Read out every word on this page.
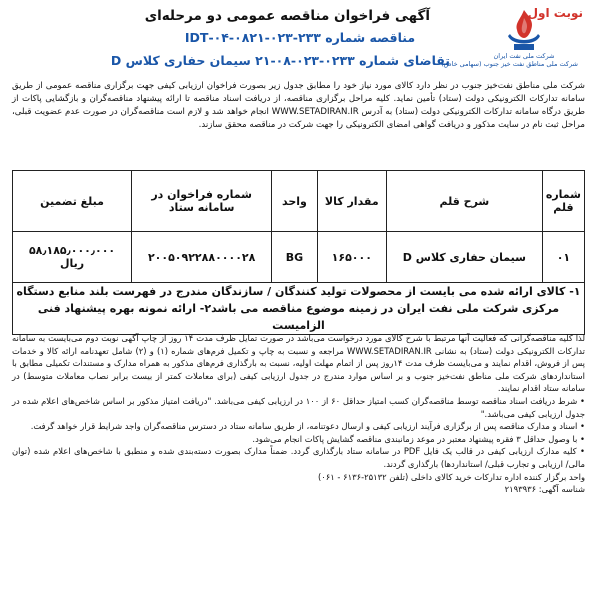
نوبت اول
شرکت ملی نفت ایران
شرکت ملی مناطق نفت خیز جنوب (سهامی خاص)
آگهی فراخوان مناقصه عمومی دو مرحله‌ای
مناقصه شماره ۲۳۳-۰۲۳-۰۸۲۱-۰۴-IDT
تقاضای شماره ۰۲۳۳-۰۲۳-۰۸-۲۱ سیمان حفاری کلاس D
شرکت ملی مناطق نفت‌خیز جنوب در نظر دارد کالای مورد نیاز خود را مطابق جدول زیر بصورت فراخوان ارزیابی کیفی جهت برگزاری مناقصه عمومی از طریق سامانه تدارکات الکترونیکی دولت (ستاد) تأمین نماید. کلیه مراحل برگزاری مناقصه، از دریافت اسناد مناقصه تا ارائه پیشنهاد مناقصه‌گران و بازگشایی پاکات از طریق درگاه سامانه تدارکات الکترونیکی دولت (ستاد) به آدرس WWW.SETADIRAN.IR انجام خواهد شد و لازم است مناقصه‌گران در صورت عدم عضویت قبلی، مراحل ثبت نام در سایت مذکور و دریافت گواهی امضای الکترونیکی را جهت شرکت در مناقصه محقق سازند.
شماره قلم	شرح قلم	مقدار کالا	واحد	شماره فراخوان در سامانه ستاد	مبلغ تضمین
۰۱	سیمان حفاری کلاس D	۱۶۵۰۰۰	BG	۲۰۰۵۰۹۲۲۸۸۰۰۰۰۲۸	۵۸٫۱۸۵٫۰۰۰٫۰۰۰ ریال
۱- کالای ارائه شده می بایست از محصولات تولید کنندگان / سازندگان مندرج در فهرست بلند منابع دستگاه مرکزی شرکت ملی نفت ایران در زمینه موضوع مناقصه می باشد۲- ارائه نمونه بهره پیشنهاد فنی الزامیست					

لذا کلیه مناقصه‌گرانی که فعالیت آنها مرتبط با شرح کالای مورد درخواست می‌باشد در صورت تمایل ظرف مدت ۱۴ روز از چاپ آگهی نوبت دوم می‌بایست به سامانه تدارکات الکترونیکی دولت (ستاد) به نشانی WWW.SETADIRAN.IR مراجعه و نسبت به چاپ و تکمیل فرم‌های شماره (۱) و (۲) شامل تعهدنامه ارائه کالا و خدمات پس از فروش، اقدام نمایند و می‌بایست ظرف مدت ۱۴روز پس از اتمام مهلت اولیه، نسبت به بارگذاری فرم‌های مذکور به همراه مدارک و مستندات تکمیلی مطابق با استانداردهای شرکت ملی مناطق نفت‌خیز جنوب و بر اساس موارد مندرج در جدول ارزیابی کیفی (برای معاملات کمتر از بیست برابر نصاب معاملات متوسط) در سامانه ستاد اقدام نمایند.

• شرط دریافت اسناد مناقصه توسط مناقصه‌گران کسب امتیاز حداقل ۶۰ از ۱۰۰ در ارزیابی کیفی می‌باشد. "دریافت امتیاز مذکور بر اساس شاخص‌های اعلام شده در جدول ارزیابی کیفی می‌باشد."

• اسناد و مدارک مناقصه پس از برگزاری فرآیند ارزیابی کیفی و ارسال دعوتنامه، از طریق سامانه ستاد در دسترس مناقصه‌گران واجد شرایط قرار خواهد گرفت.

• با وصول حداقل ۳ فقره پیشنهاد معتبر در موعد زمانبندی مناقصه گشایش پاکات انجام می‌شود.

• کلیه مدارک ارزیابی کیفی در قالب یک فایل PDF در سامانه ستاد بارگذاری گردد. ضمناً مدارک بصورت دسته‌بندی شده و منطبق با شاخص‌های اعلام شده (توان مالی/ ارزیابی و تجارب قبلی/ استانداردها) بارگذاری گردند.

واحد برگزار کننده اداره تدارکات خرید کالای داخلی (تلفن ۲۵۱۳۲-۶۱۳۶ - ۰۶۱)

شناسه آگهی: ۲۱۹۳۹۳۶
